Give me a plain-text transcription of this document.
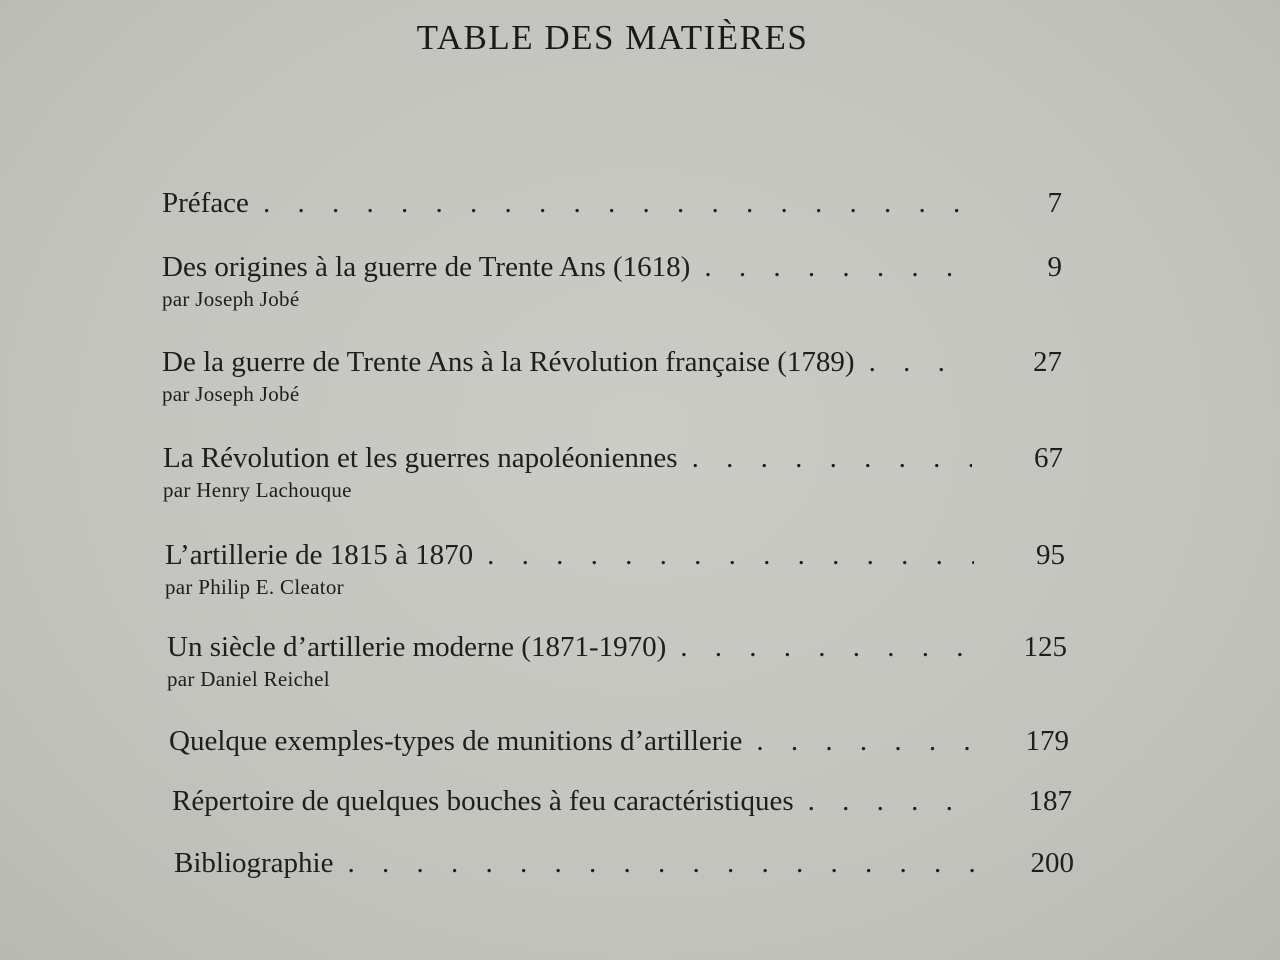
TABLE DES MATIÈRES
Préface . . .	7
Des origines à la guerre de Trente Ans (1618) . . .	9
par Joseph Jobé
De la guerre de Trente Ans à la Révolution française (1789) . . .	27
par Joseph Jobé
La Révolution et les guerres napoléoniennes . . .	67
par Henry Lachouque
L’artillerie de 1815 à 1870 . . .	95
par Philip E. Cleator
Un siècle d’artillerie moderne (1871-1970) . . .	125
par Daniel Reichel
Quelque exemples-types de munitions d’artillerie . . .	179
Répertoire de quelques bouches à feu caractéristiques . . .	187
Bibliographie . . .	200
